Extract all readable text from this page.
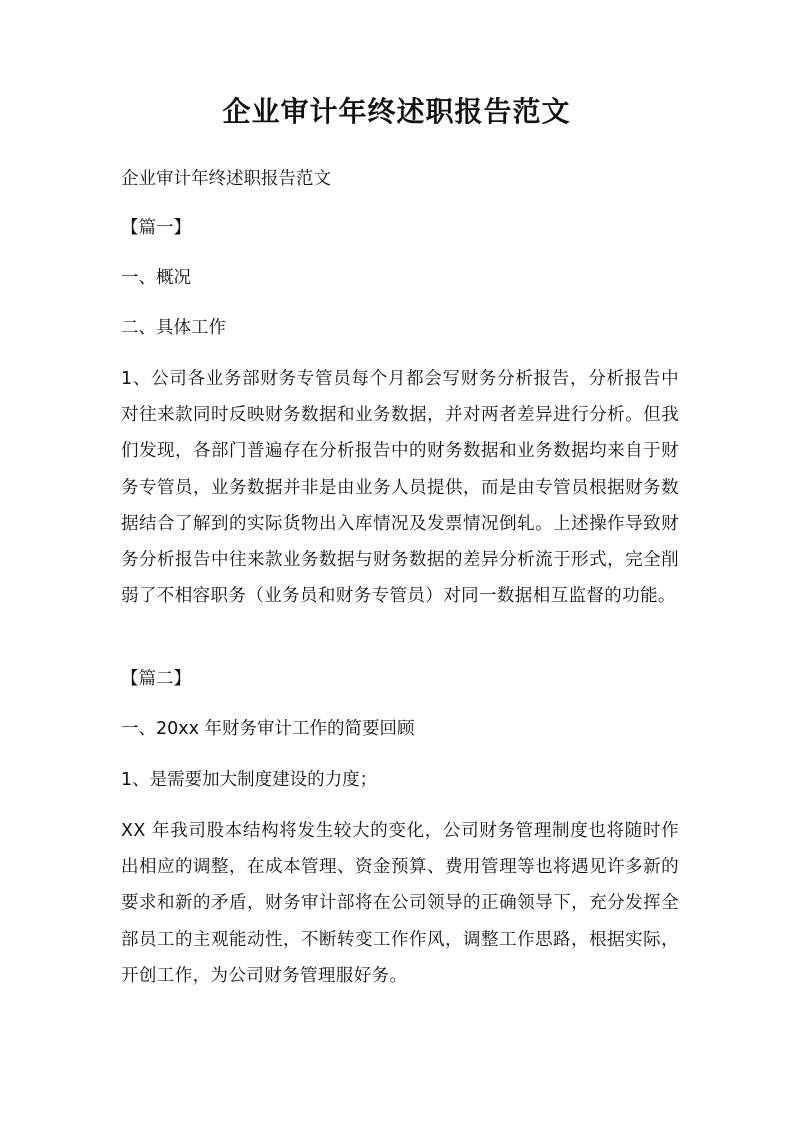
企业审计年终述职报告范文
企业审计年终述职报告范文
【篇一】
一、概况
二、具体工作
1、公司各业务部财务专管员每个月都会写财务分析报告，分析报告中对往来款同时反映财务数据和业务数据，并对两者差异进行分析。但我们发现，各部门普遍存在分析报告中的财务数据和业务数据均来自于财务专管员，业务数据并非是由业务人员提供，而是由专管员根据财务数据结合了解到的实际货物出入库情况及发票情况倒轧。上述操作导致财务分析报告中往来款业务数据与财务数据的差异分析流于形式，完全削弱了不相容职务（业务员和财务专管员）对同一数据相互监督的功能。
【篇二】
一、20xx 年财务审计工作的简要回顾
1、是需要加大制度建设的力度；
XX 年我司股本结构将发生较大的变化，公司财务管理制度也将随时作出相应的调整，在成本管理、资金预算、费用管理等也将遇见许多新的要求和新的矛盾，财务审计部将在公司领导的正确领导下，充分发挥全部员工的主观能动性，不断转变工作作风，调整工作思路，根据实际，开创工作，为公司财务管理服好务。
